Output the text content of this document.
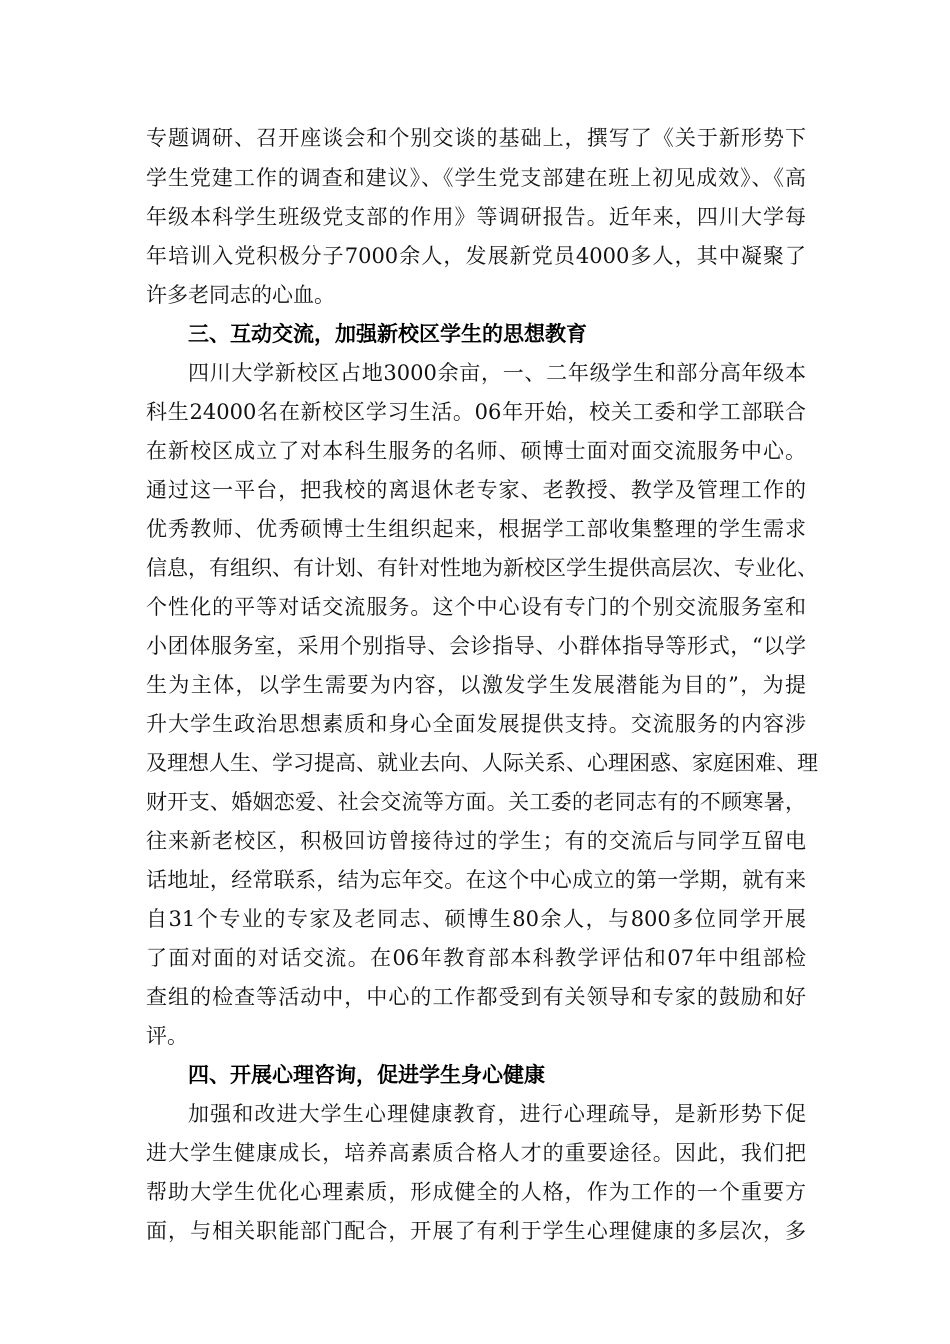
专题调研、召开座谈会和个别交谈的基础上，撰写了《关于新形势下
学生党建工作的调查和建议》、《学生党支部建在班上初见成效》、《高
年级本科学生班级党支部的作用》等调研报告。近年来，四川大学每
年培训入党积极分子7000余人，发展新党员4000多人，其中凝聚了
许多老同志的心血。
三、互动交流，加强新校区学生的思想教育
四川大学新校区占地3000余亩，一、二年级学生和部分高年级本
科生24000名在新校区学习生活。06年开始，校关工委和学工部联合
在新校区成立了对本科生服务的名师、硕博士面对面交流服务中心。
通过这一平台，把我校的离退休老专家、老教授、教学及管理工作的
优秀教师、优秀硕博士生组织起来，根据学工部收集整理的学生需求
信息，有组织、有计划、有针对性地为新校区学生提供高层次、专业化、
个性化的平等对话交流服务。这个中心设有专门的个别交流服务室和
小团体服务室，采用个别指导、会诊指导、小群体指导等形式，“以学
生为主体，以学生需要为内容，以激发学生发展潜能为目的”，为提
升大学生政治思想素质和身心全面发展提供支持。交流服务的内容涉
及理想人生、学习提高、就业去向、人际关系、心理困惑、家庭困难、理
财开支、婚姻恋爱、社会交流等方面。关工委的老同志有的不顾寒暑，
往来新老校区，积极回访曾接待过的学生；有的交流后与同学互留电
话地址，经常联系，结为忘年交。在这个中心成立的第一学期，就有来
自31个专业的专家及老同志、硕博生80余人，与800多位同学开展
了面对面的对话交流。在06年教育部本科教学评估和07年中组部检
查组的检查等活动中，中心的工作都受到有关领导和专家的鼓励和好
评。
四、开展心理咨询，促进学生身心健康
加强和改进大学生心理健康教育，进行心理疏导，是新形势下促
进大学生健康成长，培养高素质合格人才的重要途径。因此，我们把
帮助大学生优化心理素质，形成健全的人格，作为工作的一个重要方
面，与相关职能部门配合，开展了有利于学生心理健康的多层次，多
